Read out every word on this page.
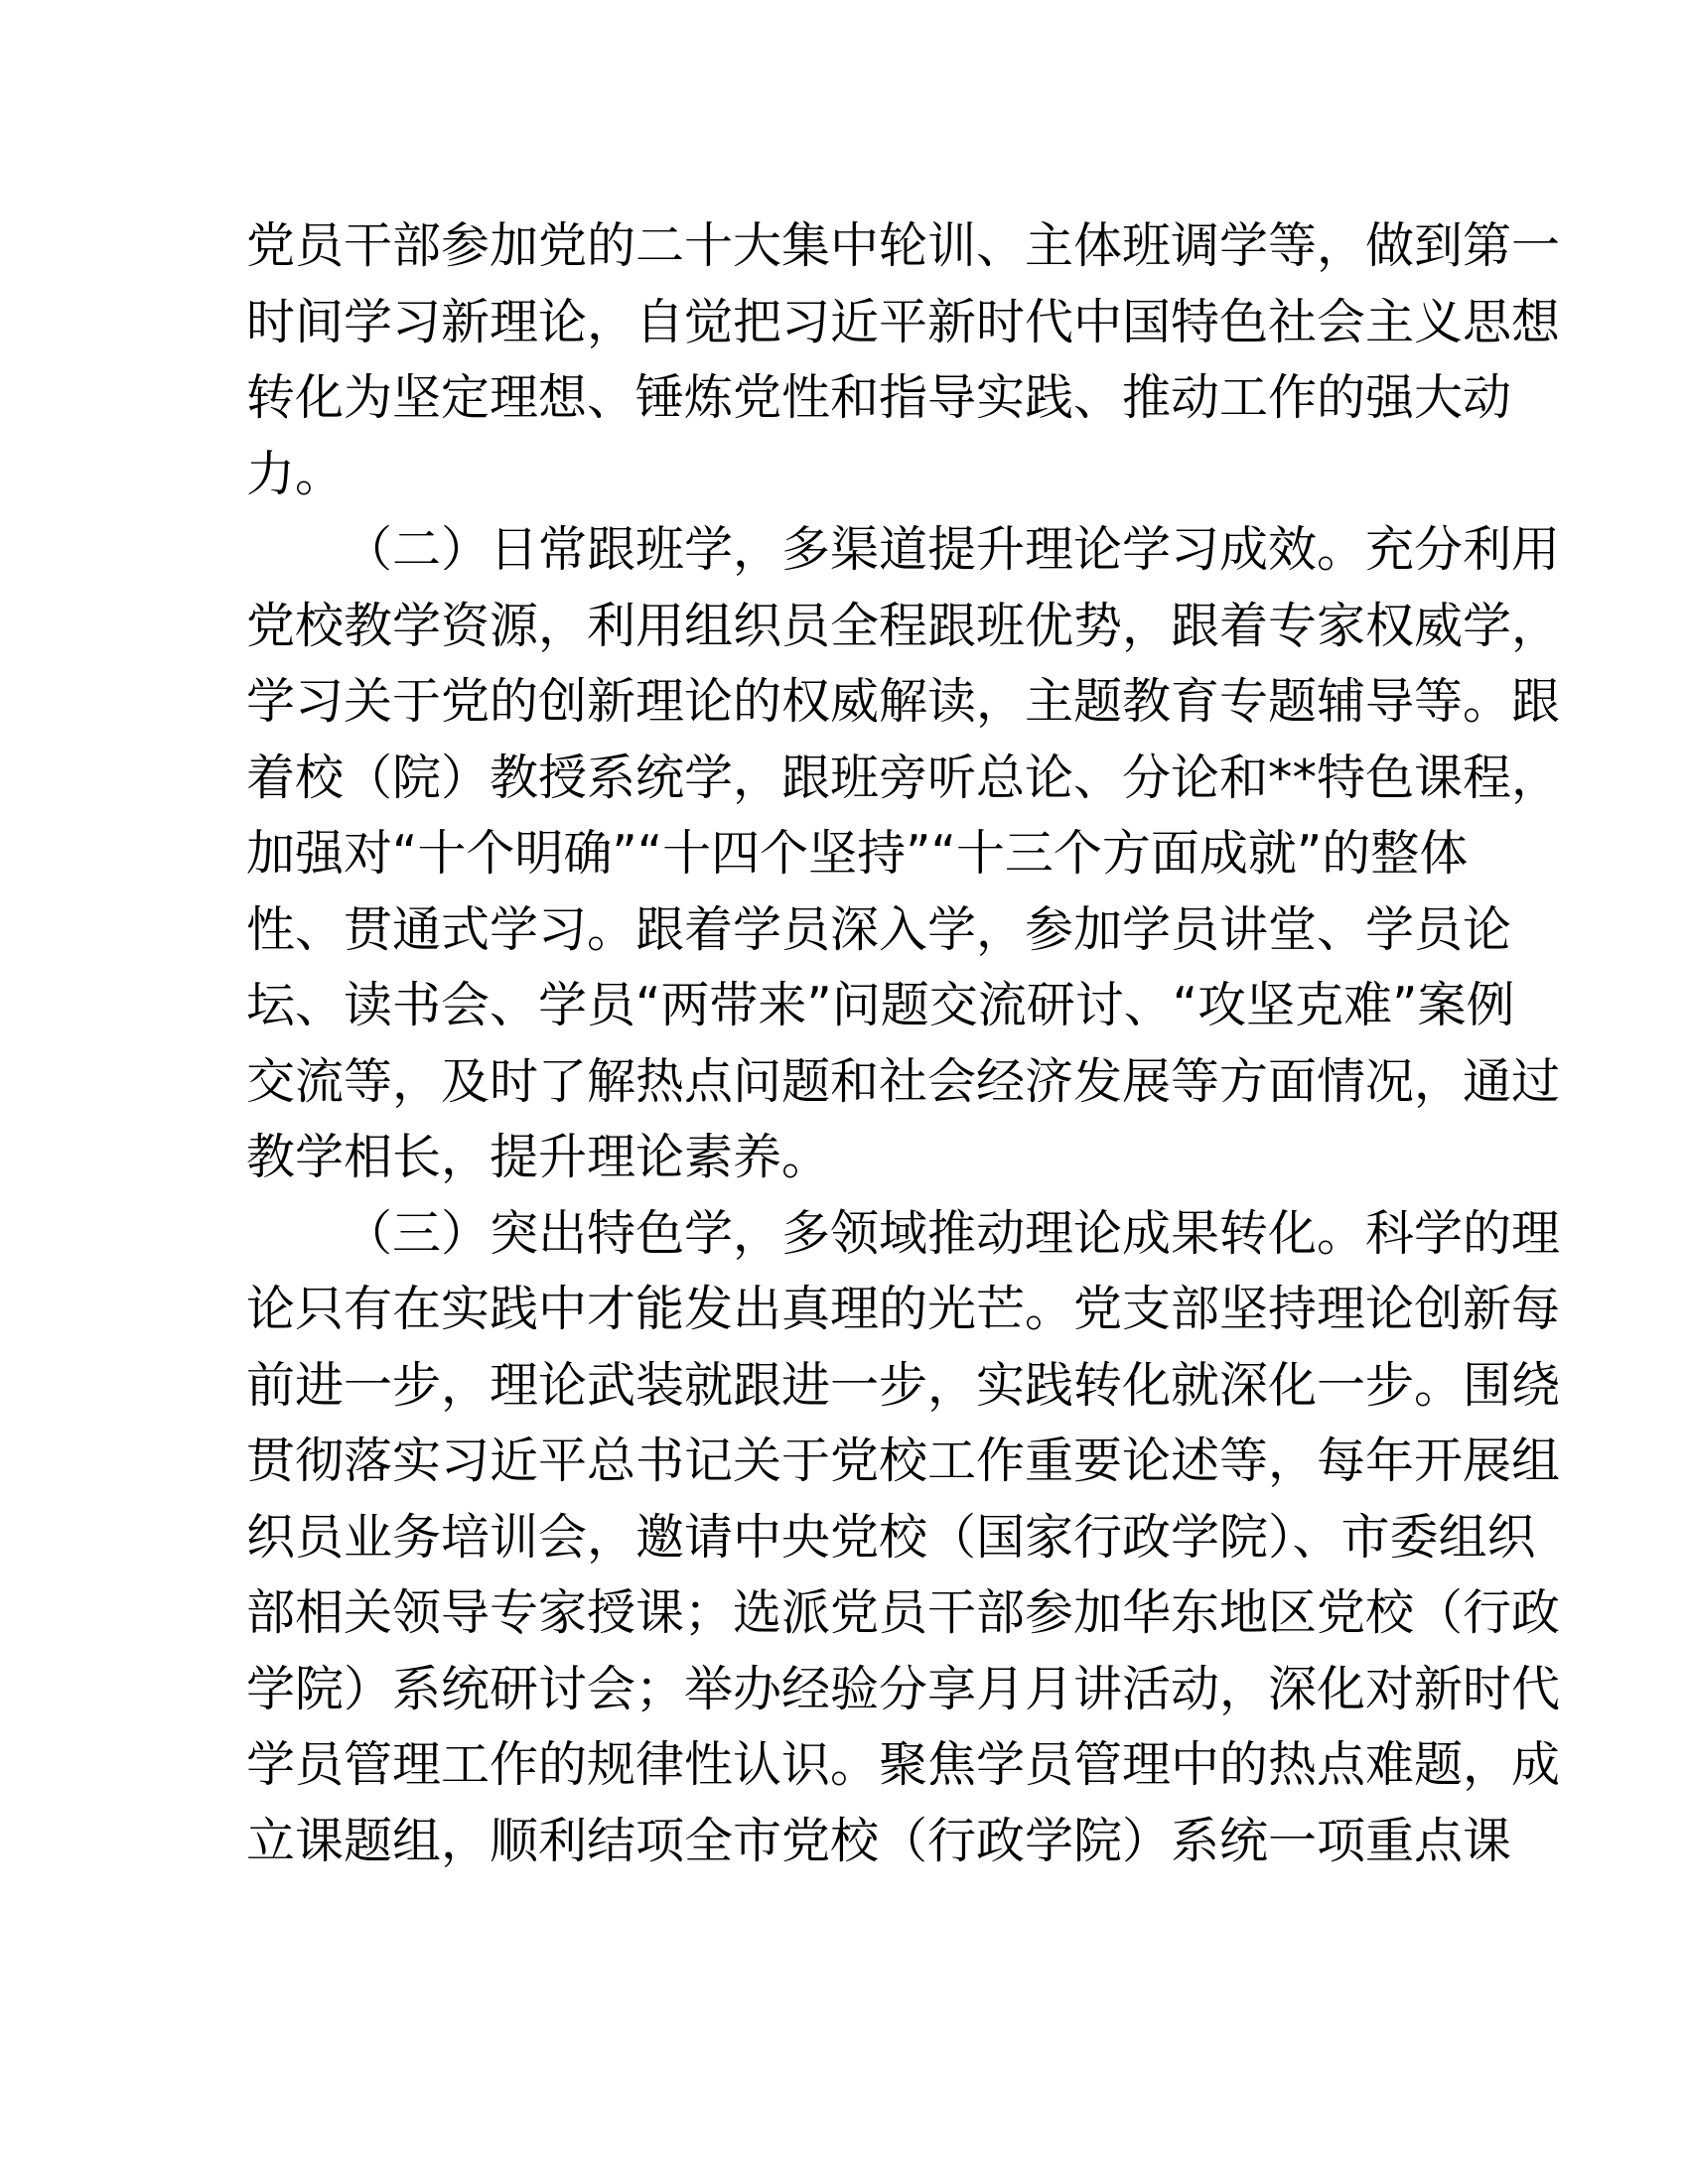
党员干部参加党的二十大集中轮训、主体班调学等，做到第一
时间学习新理论，自觉把习近平新时代中国特色社会主义思想
转化为坚定理想、锤炼党性和指导实践、推动工作的强大动
力。
（二）日常跟班学，多渠道提升理论学习成效。充分利用
党校教学资源，利用组织员全程跟班优势，跟着专家权威学，
学习关于党的创新理论的权威解读，主题教育专题辅导等。跟
着校（院）教授系统学，跟班旁听总论、分论和**特色课程，
加强对“十个明确”“十四个坚持”“十三个方面成就”的整体
性、贯通式学习。跟着学员深入学，参加学员讲堂、学员论
坛、读书会、学员“两带来”问题交流研讨、“攻坚克难”案例
交流等，及时了解热点问题和社会经济发展等方面情况，通过
教学相长，提升理论素养。
（三）突出特色学，多领域推动理论成果转化。科学的理
论只有在实践中才能发出真理的光芒。党支部坚持理论创新每
前进一步，理论武装就跟进一步，实践转化就深化一步。围绕
贯彻落实习近平总书记关于党校工作重要论述等，每年开展组
织员业务培训会，邀请中央党校（国家行政学院）、市委组织
部相关领导专家授课；选派党员干部参加华东地区党校（行政
学院）系统研讨会；举办经验分享月月讲活动，深化对新时代
学员管理工作的规律性认识。聚焦学员管理中的热点难题，成
立课题组，顺利结项全市党校（行政学院）系统一项重点课
